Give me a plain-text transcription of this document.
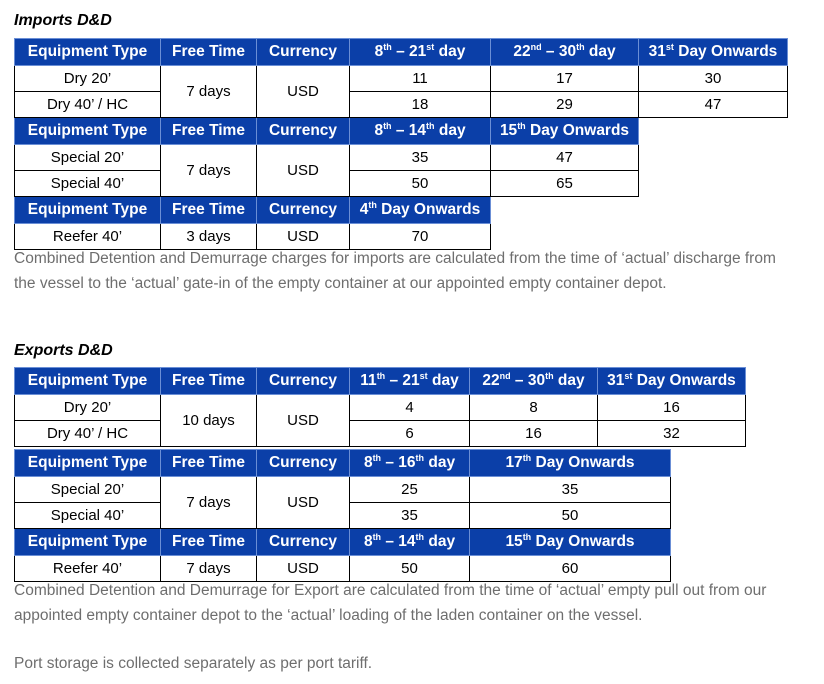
Imports D&D
Equipment Type	Free Time	Currency	8th – 21st day	22nd – 30th day	31st Day Onwards
Dry 20’	7 days	USD	11	17	30
Dry 40’ / HC			18	29	47
Equipment Type	Free Time	Currency	8th – 14th day	15th Day Onwards	
Special 20’	7 days	USD	35	47	
Special 40’			50	65	
Equipment Type	Free Time	Currency	4th Day Onwards		
Reefer 40’	3 days	USD	70		
Combined Detention and Demurrage charges for imports are calculated from the time of ‘actual’ discharge from the vessel to the ‘actual’ gate-in of the empty container at our appointed empty container depot.
Exports D&D
Equipment Type	Free Time	Currency	11th – 21st day	22nd – 30th day	31st Day Onwards
Dry 20’	10 days	USD	4	8	16
Dry 40’ / HC			6	16	32
Equipment Type	Free Time	Currency	8th – 16th day	17th Day Onwards
Special 20’	7 days	USD	25	35
Special 40’			35	50
Equipment Type	Free Time	Currency	8th – 14th day	15th Day Onwards
Reefer 40’	7 days	USD	50	60
Combined Detention and Demurrage for Export are calculated from the time of ‘actual’ empty pull out from our appointed empty container depot to the ‘actual’ loading of the laden container on the vessel.
Port storage is collected separately as per port tariff.
